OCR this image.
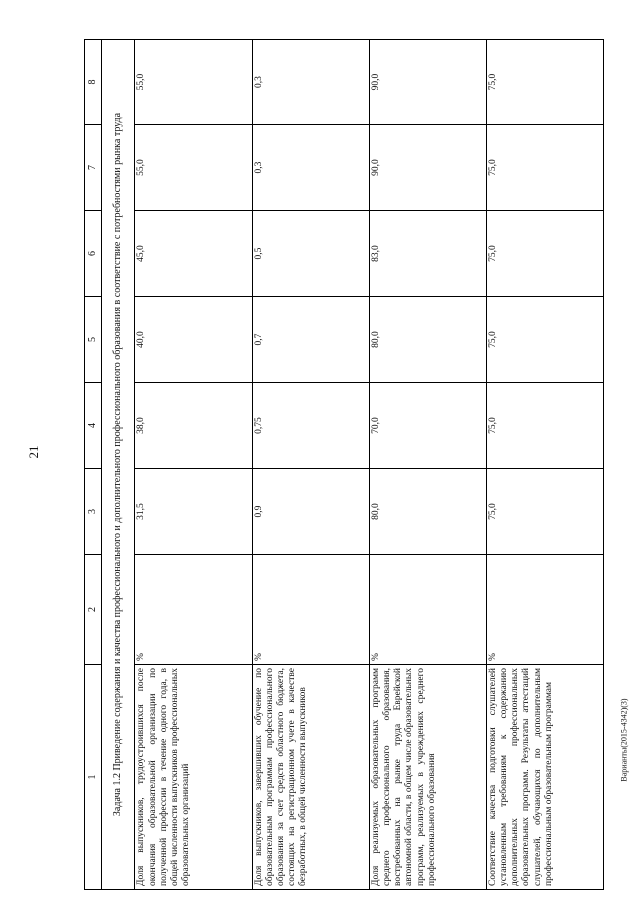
21
Варианты(2015-4342)(3)
1	2	3	4	5	6	7	8
Задача 1.2 Приведение содержания и качества профессионального и дополнительного профессионального образования в соответствие с потребностями рынка труда							
Доля выпускников, трудоустроившихся после окончания образовательной организации по полученной профессии в течение одного года, в общей численности выпускников профессиональных образовательных организаций	%	31,5	38,0	40,0	45,0	55,0	55,0
Доля выпускников, завершивших обучение по образовательным программам профессионального образования за счет средств областного бюджета, состоящих на регистрационном учете в качестве безработных, в общей численности выпускников	%	0,9	0,75	0,7	0,5	0,3	0,3
Доля реализуемых образовательных программ среднего профессионального образования, востребованных на рынке труда Еврейской автономной области, в общем числе образовательных программ, реализуемых в учреждениях среднего профессионального образования	%	80,0	70,0	80,0	83,0	90,0	90,0
Соответствие качества подготовки слушателей установленным требованиям к содержанию дополнительных профессиональных образовательных программ. Результаты аттестаций слушателей, обучающихся по дополнительным профессиональным образовательным программам	%	75,0	75,0	75,0	75,0	75,0	75,0
